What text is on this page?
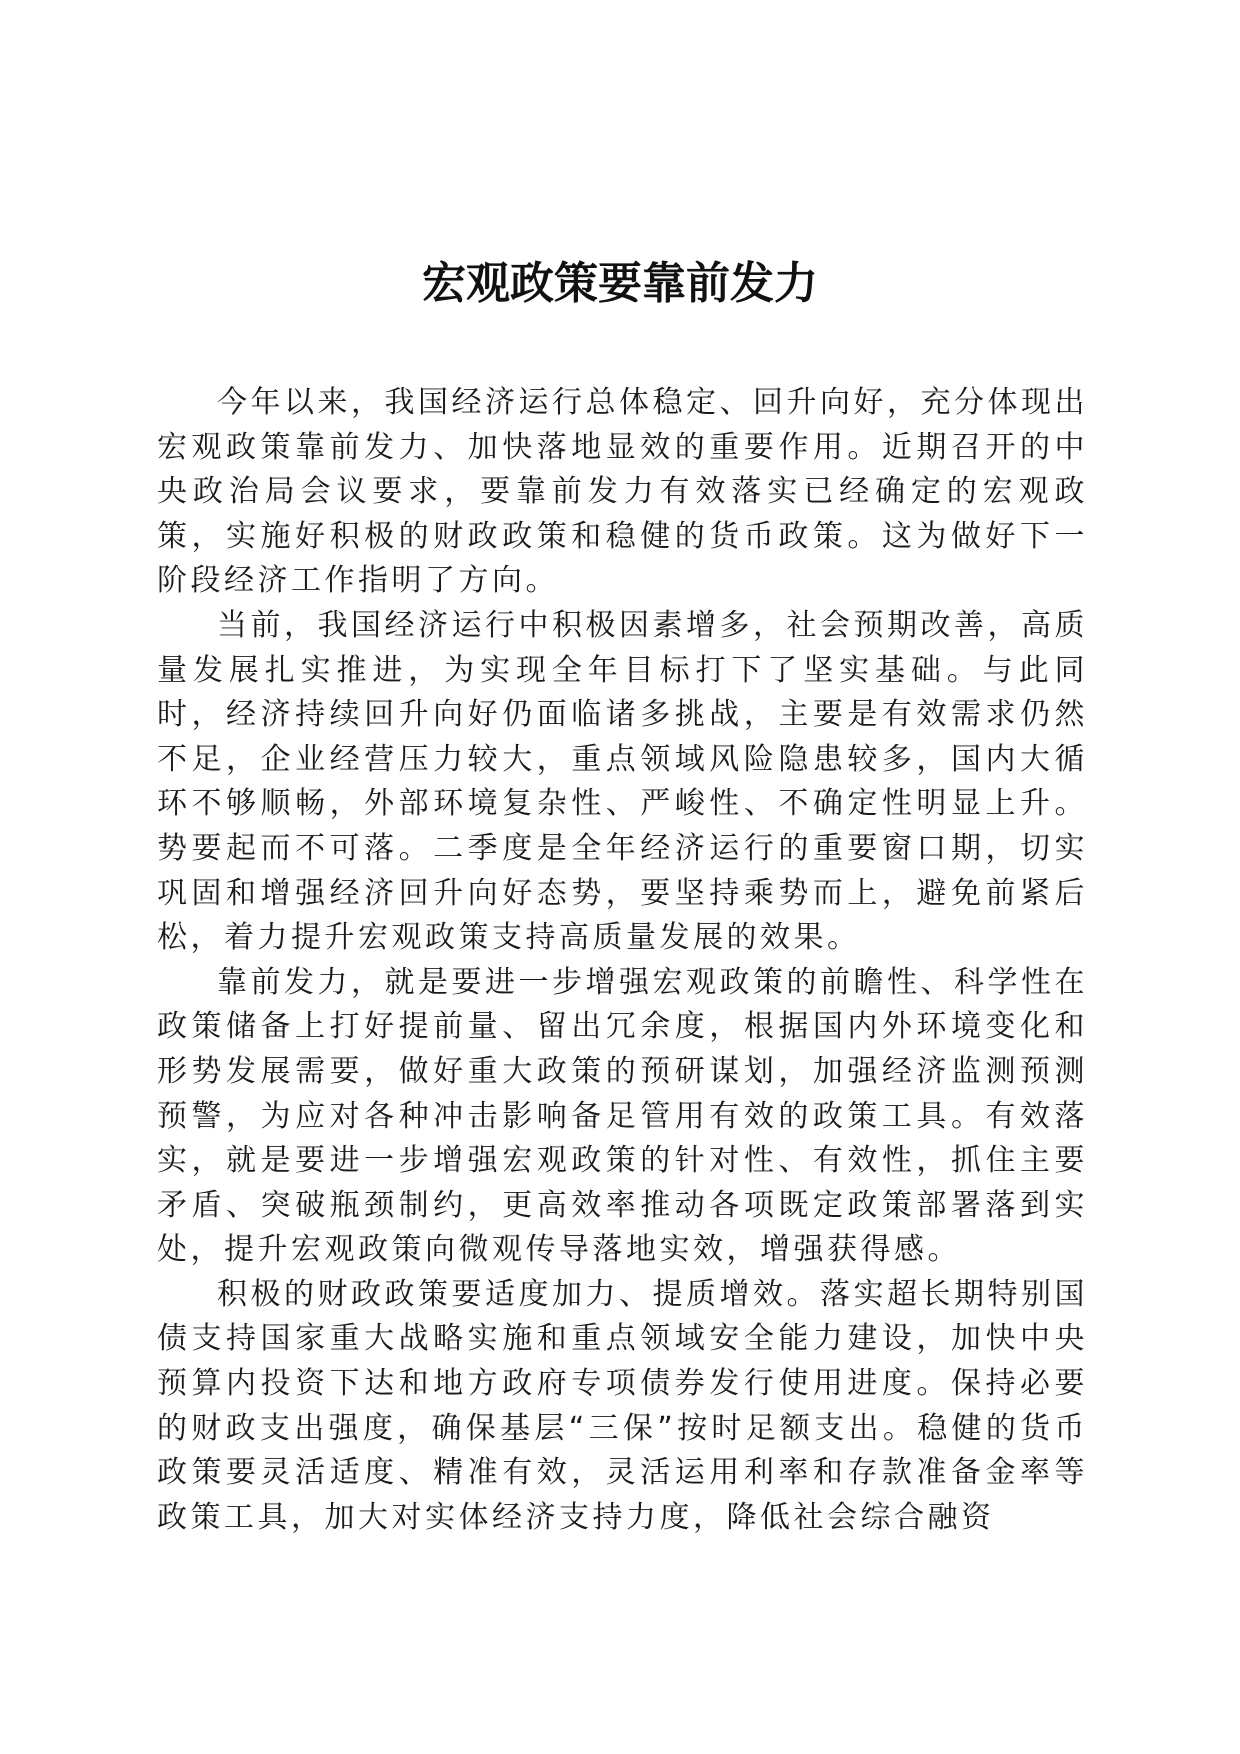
宏观政策要靠前发力

今年以来，我国经济运行总体稳定、回升向好，充分体现出宏观政策靠前发力、加快落地显效的重要作用。近期召开的中央政治局会议要求，要靠前发力有效落实已经确定的宏观政策，实施好积极的财政政策和稳健的货币政策。这为做好下一阶段经济工作指明了方向。

当前，我国经济运行中积极因素增多，社会预期改善，高质量发展扎实推进，为实现全年目标打下了坚实基础。与此同时，经济持续回升向好仍面临诸多挑战，主要是有效需求仍然不足，企业经营压力较大，重点领域风险隐患较多，国内大循环不够顺畅，外部环境复杂性、严峻性、不确定性明显上升。势要起而不可落。二季度是全年经济运行的重要窗口期，切实巩固和增强经济回升向好态势，要坚持乘势而上，避免前紧后松，着力提升宏观政策支持高质量发展的效果。

靠前发力，就是要进一步增强宏观政策的前瞻性、科学性在政策储备上打好提前量、留出冗余度，根据国内外环境变化和形势发展需要，做好重大政策的预研谋划，加强经济监测预测预警，为应对各种冲击影响备足管用有效的政策工具。有效落实，就是要进一步增强宏观政策的针对性、有效性，抓住主要矛盾、突破瓶颈制约，更高效率推动各项既定政策部署落到实处，提升宏观政策向微观传导落地实效，增强获得感。

积极的财政政策要适度加力、提质增效。落实超长期特别国债支持国家重大战略实施和重点领域安全能力建设，加快中央预算内投资下达和地方政府专项债券发行使用进度。保持必要的财政支出强度，确保基层“三保”按时足额支出。稳健的货币政策要灵活适度、精准有效，灵活运用利率和存款准备金率等政策工具，加大对实体经济支持力度，降低社会综合融资
